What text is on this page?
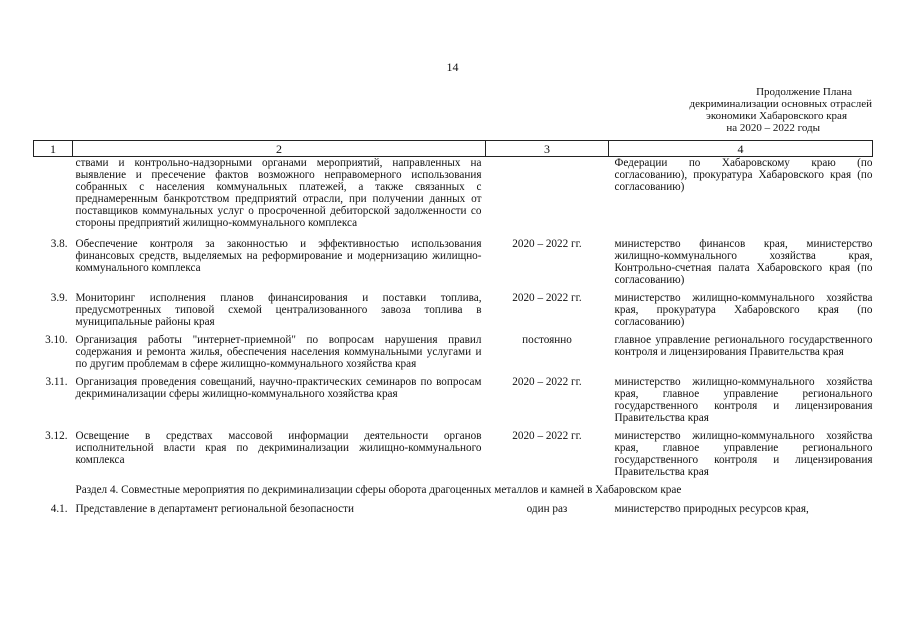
14
Продолжение Плана
декриминализации основных отраслей
экономики Хабаровского края
на 2020 – 2022 годы
1	2	3	4
	ствами и контрольно-надзорными органами мероприятий, направленных на выявление и пресечение фактов возможного неправомерного использования собранных с населения коммунальных платежей, а также связанных с преднамеренным банкротством предприятий отрасли, при получении данных от поставщиков коммунальных услуг о просроченной дебиторской задолженности со стороны предприятий жилищно-коммунального комплекса		Федерации по Хабаровскому краю (по согласованию), прокуратура Хабаровского края (по согласованию)

3.8.	Обеспечение контроля за законностью и эффективностью использования финансовых средств, выделяемых на реформирование и модернизацию жилищно-коммунального комплекса	2020 – 2022 гг.	министерство финансов края, министерство жилищно-коммунального хозяйства края, Контрольно-счетная палата Хабаровского края (по согласованию)

3.9.	Мониторинг исполнения планов финансирования и поставки топлива, предусмотренных типовой схемой централизованного завоза топлива в муниципальные районы края	2020 – 2022 гг.	министерство жилищно-коммунального хозяйства края, прокуратура Хабаровского края (по согласованию)

3.10.	Организация работы "интернет-приемной" по вопросам нарушения правил содержания и ремонта жилья, обеспечения населения коммунальными услугами и по другим проблемам в сфере жилищно-коммунального хозяйства края	постоянно	главное управление регионального государственного контроля и лицензирования Правительства края

3.11.	Организация проведения совещаний, научно-практических семинаров по вопросам декриминализации сферы жилищно-коммунального хозяйства края	2020 – 2022 гг.	министерство жилищно-коммунального хозяйства края, главное управление регионального государственного контроля и лицензирования Правительства края

3.12.	Освещение в средствах массовой информации деятельности органов исполнительной власти края по декриминализации жилищно-коммунального комплекса	2020 – 2022 гг.	министерство жилищно-коммунального хозяйства края, главное управление регионального государственного контроля и лицензирования Правительства края

Раздел 4. Совместные мероприятия по декриминализации сферы оборота драгоценных металлов и камней в Хабаровском крае			

4.1.	Представление в департамент региональной безопасности	один раз	министерство природных ресурсов края,
